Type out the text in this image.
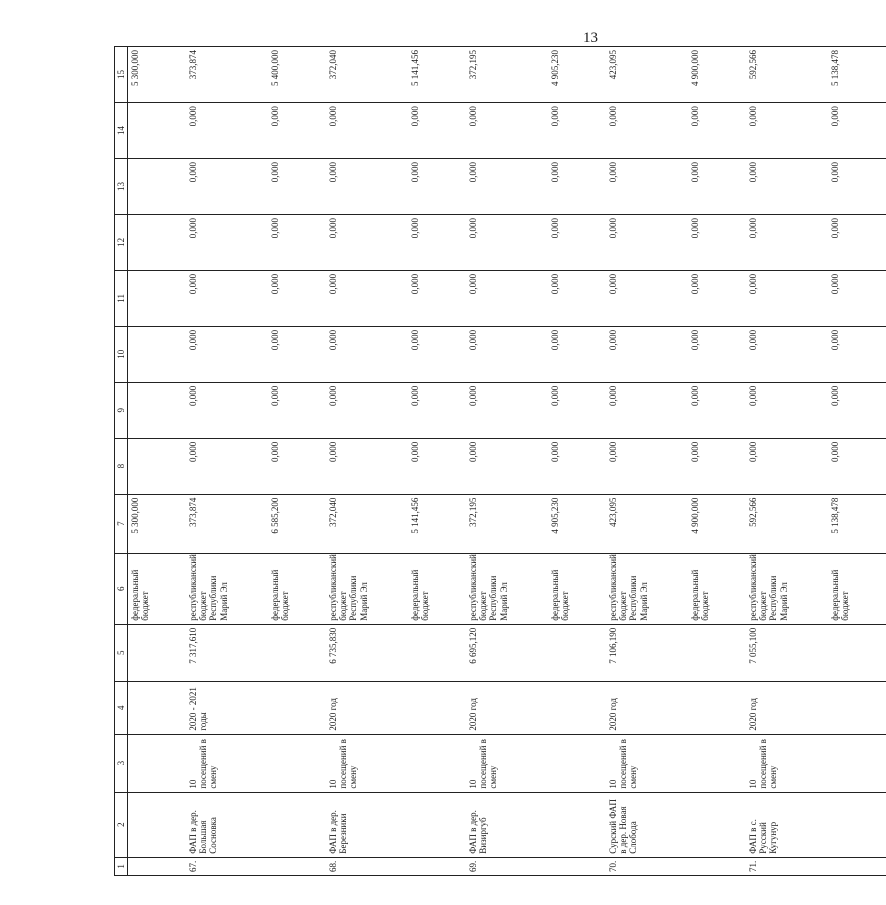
13
1	2	3	4	5	6	7	8	9	10	11	12	13	14	15
					федеральный бюджет	5 300,000								5 300,000
67.	ФАП в дер. Большая Сосновка	10 посещений в смену	2020 - 2021 годы	7 317,610	республиканский бюджет Республики Марий Эл	373,874	0,000	0,000	0,000	0,000	0,000	0,000	0,000	373,874
					федеральный бюджет	6 585,200	0,000	0,000	0,000	0,000	0,000	0,000	0,000	5 400,000
68.	ФАП в дер. Березники	10 посещений в смену	2020 год	6 735,830	республиканский бюджет Республики Марий Эл	372,040	0,000	0,000	0,000	0,000	0,000	0,000	0,000	372,040
					федеральный бюджет	5 141,456	0,000	0,000	0,000	0,000	0,000	0,000	0,000	5 141,456
69.	ФАП в дер. Визиргуб	10 посещений в смену	2020 год	6 695,120	республиканский бюджет Республики Марий Эл	372,195	0,000	0,000	0,000	0,000	0,000	0,000	0,000	372,195
					федеральный бюджет	4 905,230	0,000	0,000	0,000	0,000	0,000	0,000	0,000	4 905,230
70.	Сурский ФАП в дер. Новая Слобода	10 посещений в смену	2020 год	7 106,190	республиканский бюджет Республики Марий Эл	423,095	0,000	0,000	0,000	0,000	0,000	0,000	0,000	423,095
					федеральный бюджет	4 900,000	0,000	0,000	0,000	0,000	0,000	0,000	0,000	4 900,000
71.	ФАП в с. Русский Кугунур	10 посещений в смену	2020 год	7 055,100	республиканский бюджет Республики Марий Эл	592,566	0,000	0,000	0,000	0,000	0,000	0,000	0,000	592,566
					федеральный бюджет	5 138,478	0,000	0,000	0,000	0,000	0,000	0,000	0,000	5 138,478
